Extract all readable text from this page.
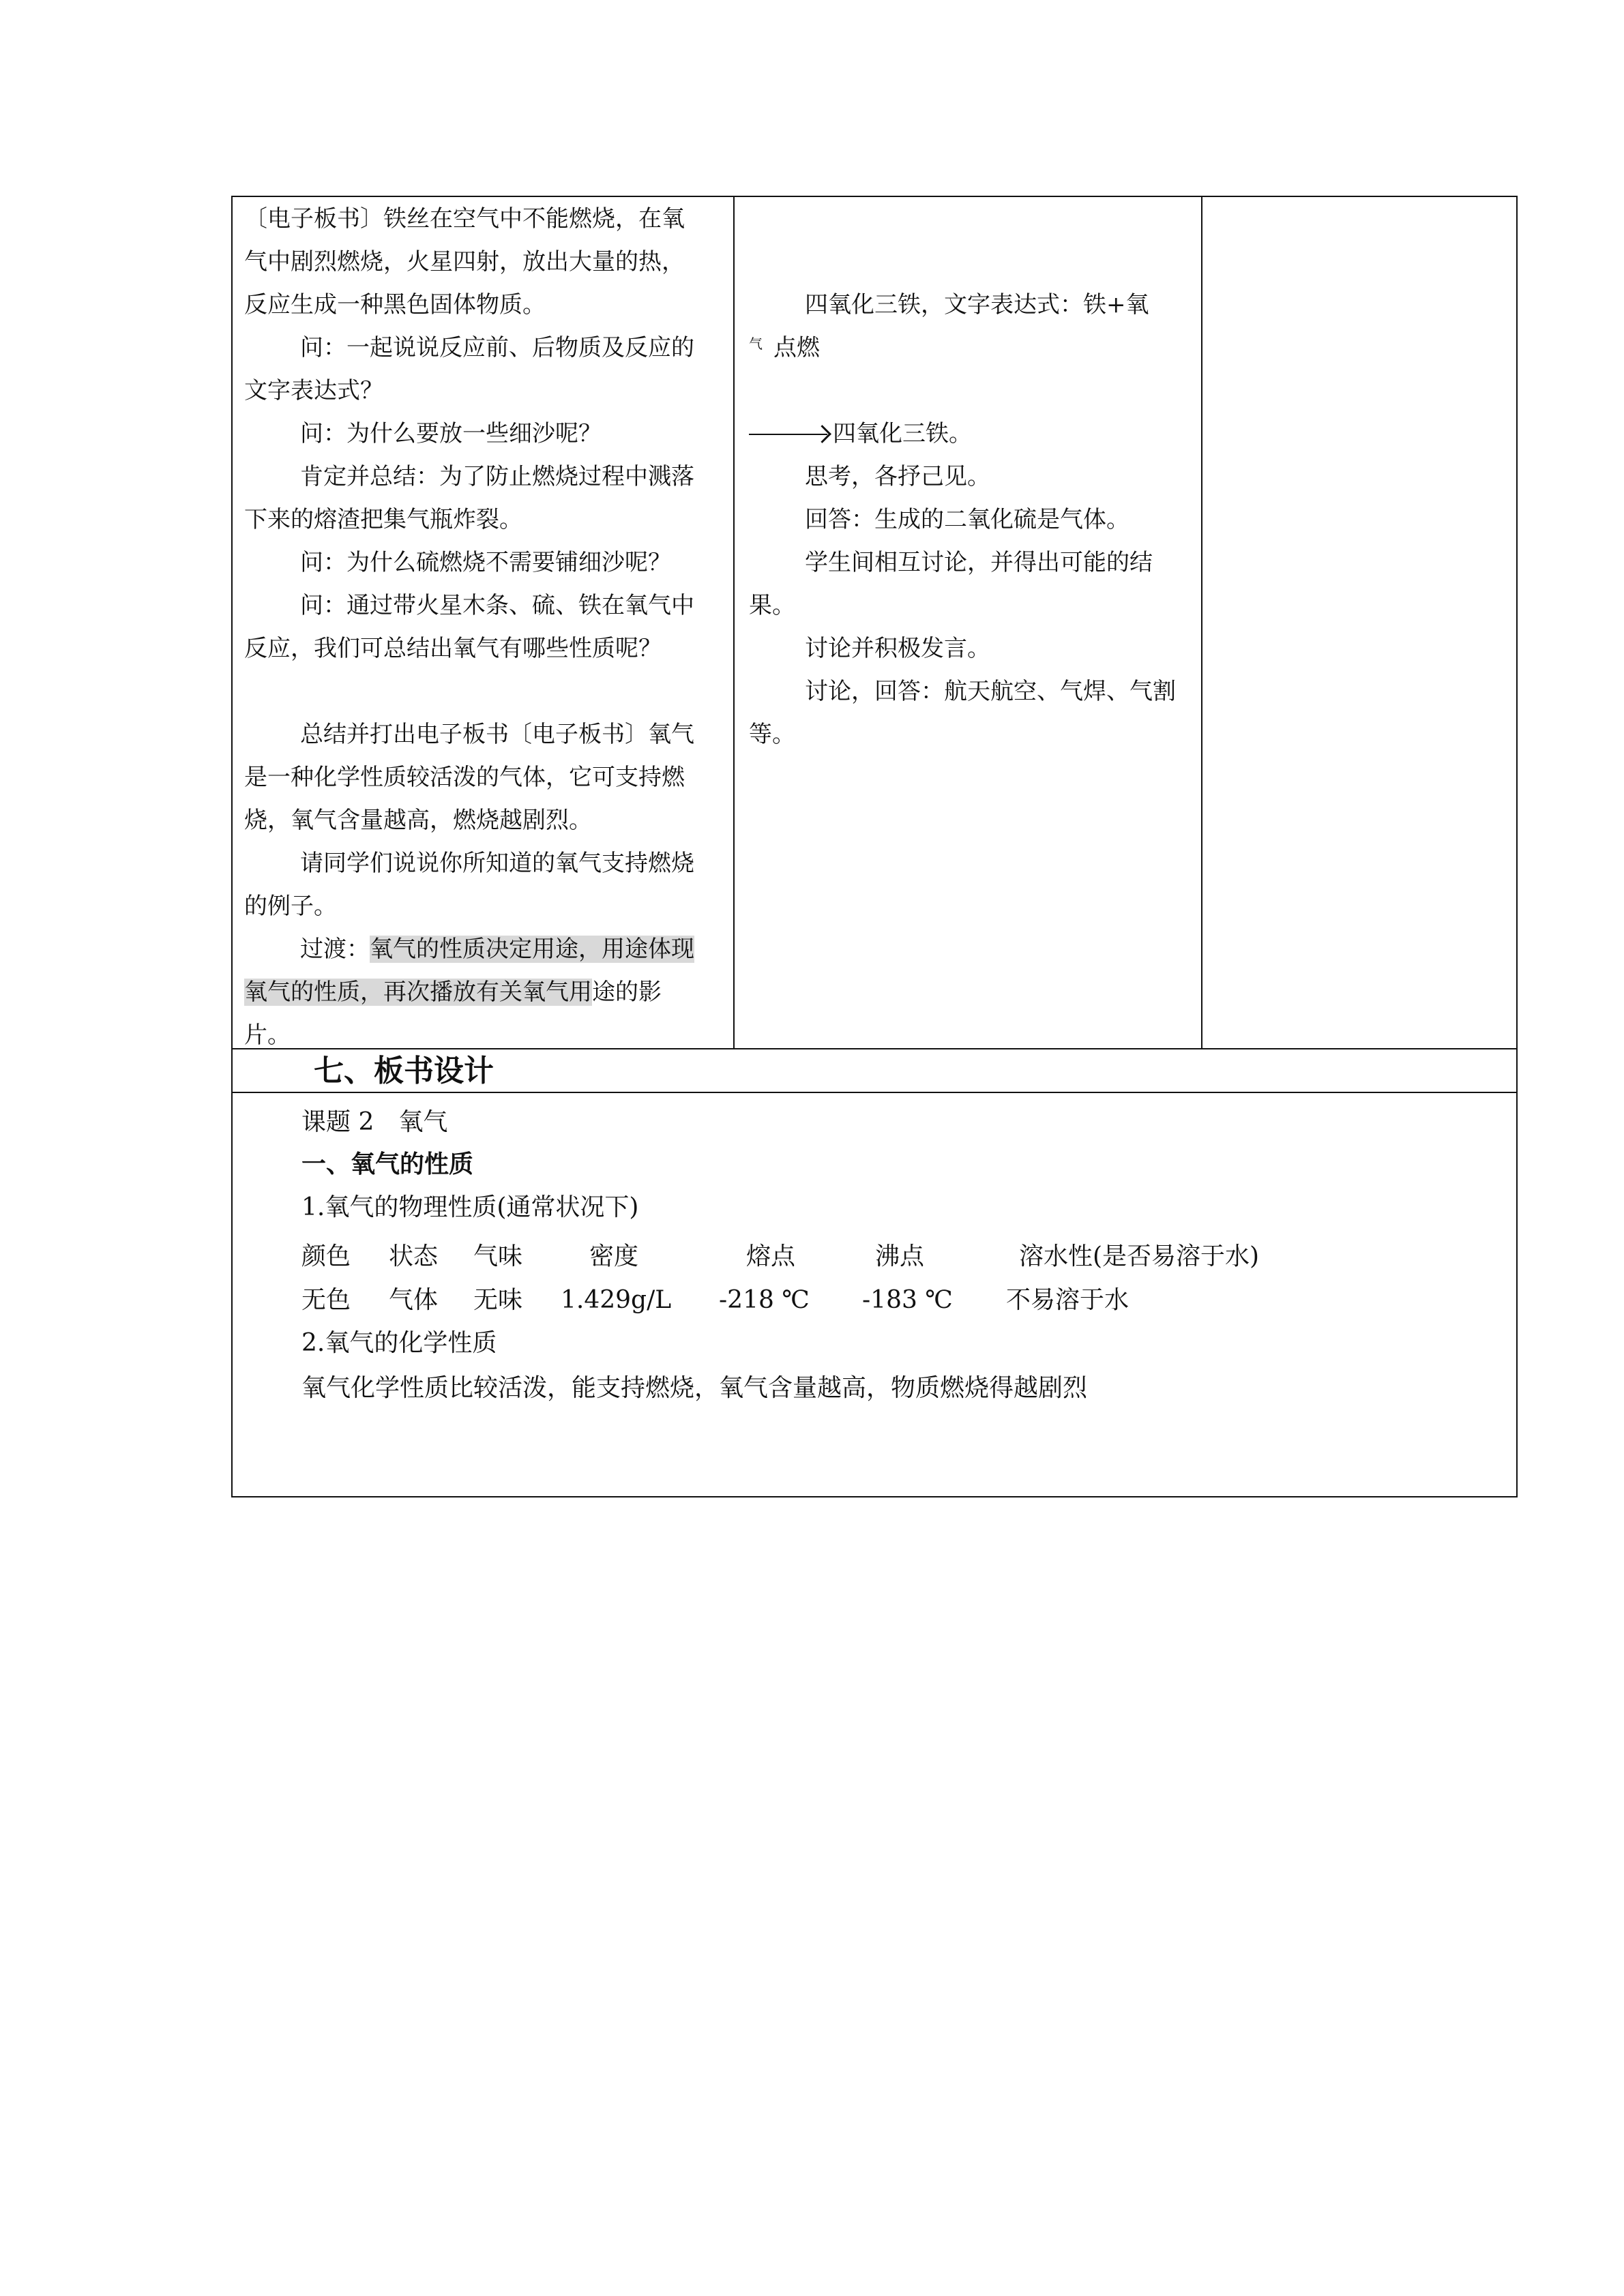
〔电子板书〕铁丝在空气中不能燃烧，在氧气中剧烈燃烧，火星四射，放出大量的热，反应生成一种黑色固体物质。

问：一起说说反应前、后物质及反应的文字表达式？

问：为什么要放一些细沙呢？

肯定并总结：为了防止燃烧过程中溅落下来的熔渣把集气瓶炸裂。

问：为什么硫燃烧不需要铺细沙呢？

问：通过带火星木条、硫、铁在氧气中反应，我们可总结出氧气有哪些性质呢？

总结并打出电子板书〔电子板书〕氧气是一种化学性质较活泼的气体，它可支持燃烧，氧气含量越高，燃烧越剧烈。

请同学们说说你所知道的氧气支持燃烧的例子。

过渡：氧气的性质决定用途，用途体现氧气的性质，再次播放有关氧气用途的影片。

四氧化三铁，文字表达式：铁+氧

气 点燃

四氧化三铁。

思考，各抒己见。

回答：生成的二氧化硫是气体。

学生间相互讨论，并得出可能的结果。

讨论并积极发言。

讨论，回答：航天航空、气焊、气割等。

七、板书设计
课题 2　氧气
一、氧气的性质
1.氧气的物理性质(通常状况下)
颜色 状态 气味	密度	熔点	沸点	溶水性(是否易溶于水)
无色 气体 无味 1.429g/L -218 ℃ -183 ℃ 不易溶于水
2.氧气的化学性质
氧气化学性质比较活泼，能支持燃烧，氧气含量越高，物质燃烧得越剧烈
